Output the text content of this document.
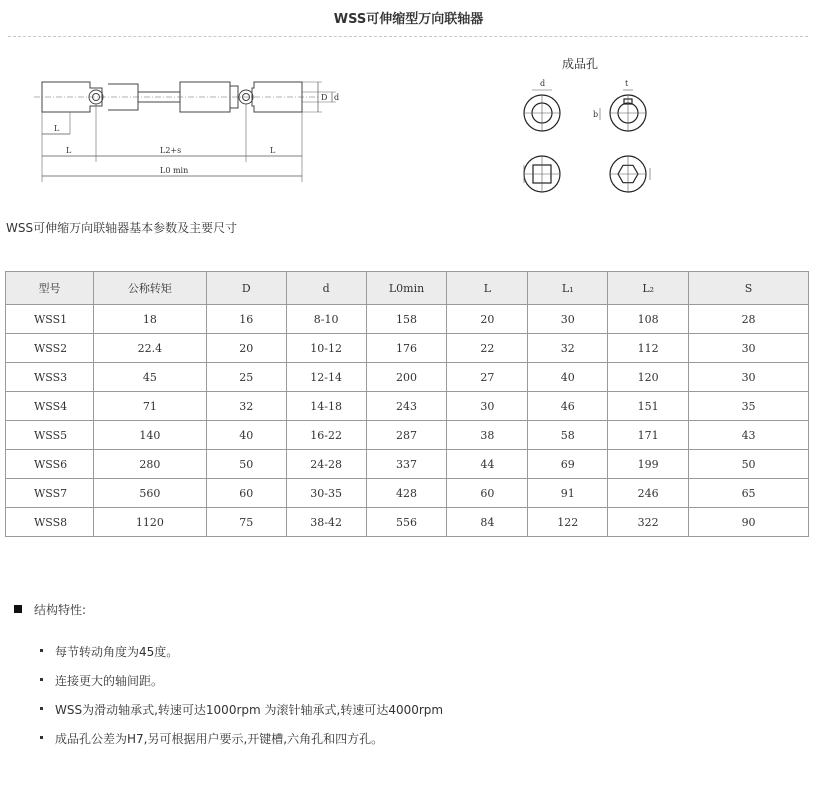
WSS可伸缩型万向联轴器
L
L	L2+s	L
L0 min
D d
成品孔
d	t
b
WSS可伸缩万向联轴器基本参数及主要尺寸
型号	公称转矩	D	d	L0min	L	L₁	L₂	S
WSS1	18	16	8-10	158	20	30	108	28
WSS2	22.4	20	10-12	176	22	32	112	30
WSS3	45	25	12-14	200	27	40	120	30
WSS4	71	32	14-18	243	30	46	151	35
WSS5	140	40	16-22	287	38	58	171	43
WSS6	280	50	24-28	337	44	69	199	50
WSS7	560	60	30-35	428	60	91	246	65
WSS8	1120	75	38-42	556	84	122	322	90
结构特性:
每节转动角度为45度。
连接更大的轴间距。
WSS为滑动轴承式,转速可达1000rpm 为滚针轴承式,转速可达4000rpm
成品孔公差为H7,另可根据用户要示,开键槽,六角孔和四方孔。
